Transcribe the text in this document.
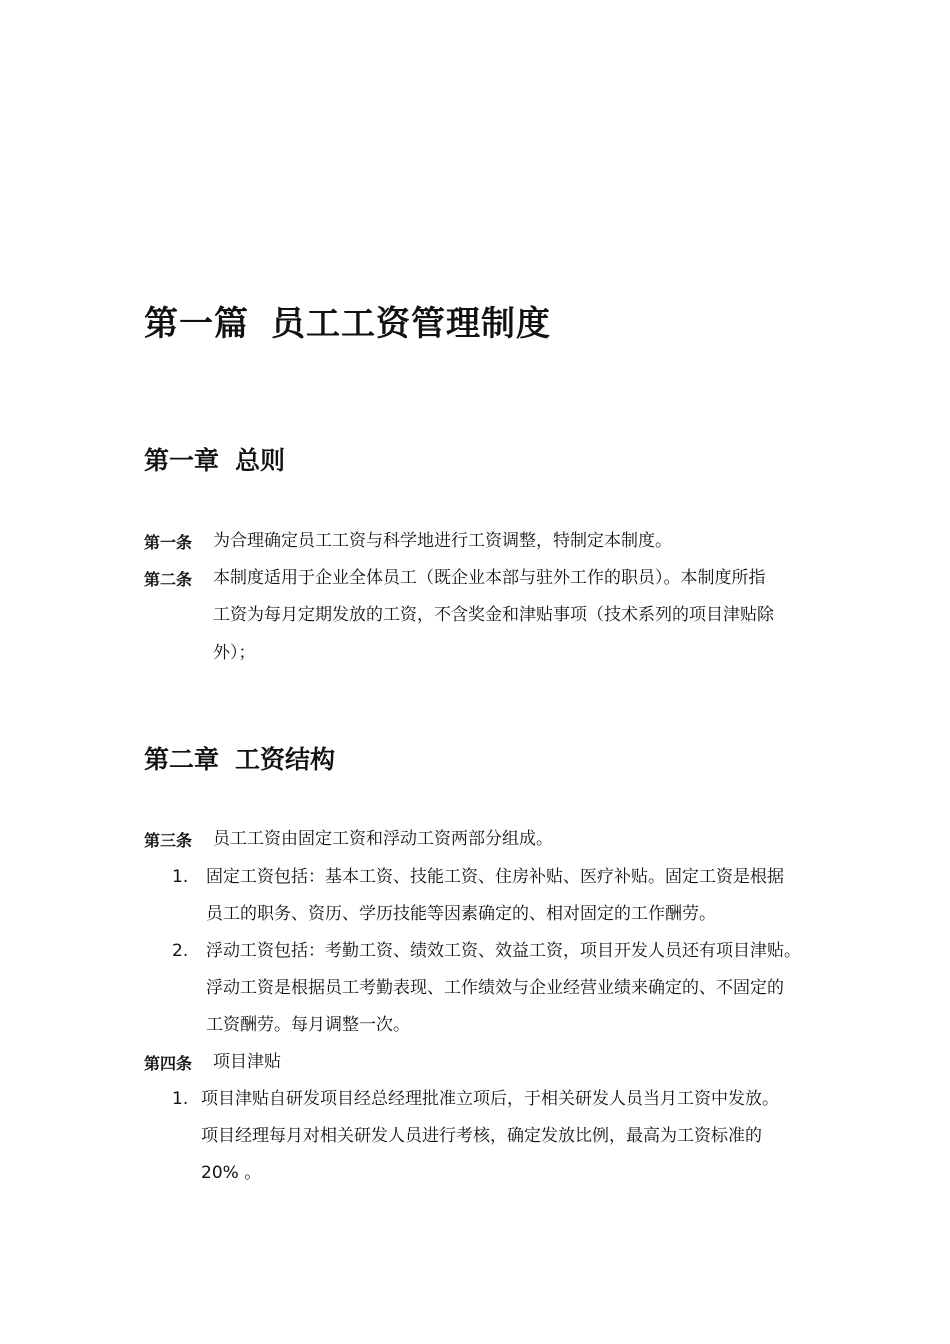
第一篇 员工工资管理制度
第一章 总则
第一条 为合理确定员工工资与科学地进行工资调整，特制定本制度。

第二条 本制度适用于企业全体员工（既企业本部与驻外工作的职员）。本制度所指

工资为每月定期发放的工资，不含奖金和津贴事项（技术系列的项目津贴除

外）；

第二章 工资结构
第三条 员工工资由固定工资和浮动工资两部分组成。

1. 固定工资包括：基本工资、技能工资、住房补贴、医疗补贴。固定工资是根据

员工的职务、资历、学历技能等因素确定的、相对固定的工作酬劳。

2. 浮动工资包括：考勤工资、绩效工资、效益工资，项目开发人员还有项目津贴。

浮动工资是根据员工考勤表现、工作绩效与企业经营业绩来确定的、不固定的

工资酬劳。每月调整一次。

第四条 项目津贴

1. 项目津贴自研发项目经总经理批准立项后，于相关研发人员当月工资中发放。

项目经理每月对相关研发人员进行考核，确定发放比例，最高为工资标准的

20% 。
